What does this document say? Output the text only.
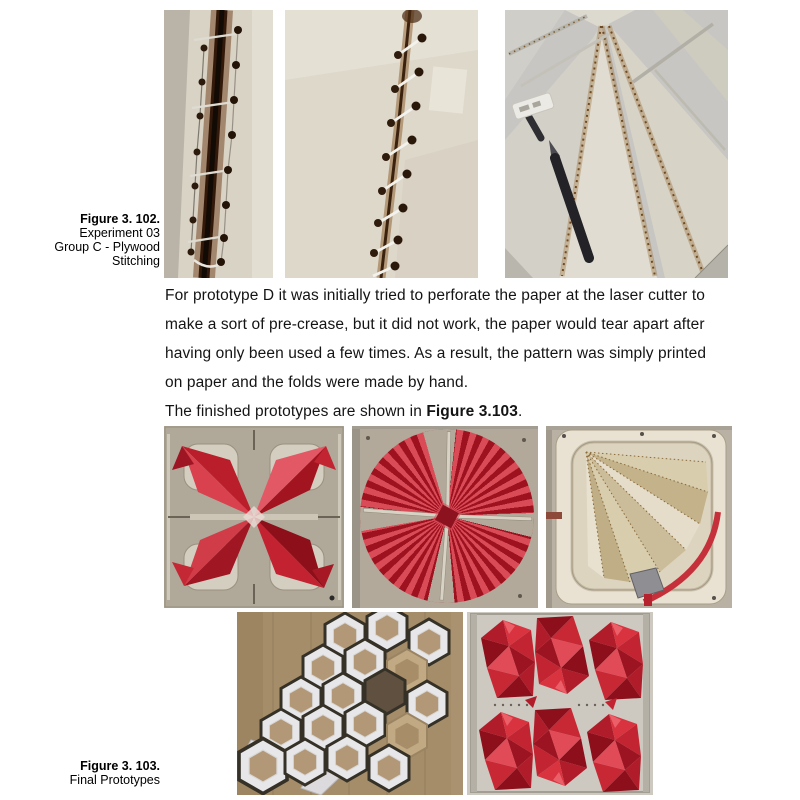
Figure 3. 102.
Experiment 03
Group C - Plywood
Stitching
For prototype D it was initially tried to perforate the paper at the laser cutter to
make a sort of pre-crease, but it did not work, the paper would tear apart after
having only been used a few times. As a result, the pattern was simply printed
on paper and the folds were made by hand.
The finished prototypes are shown in Figure 3.103.
Figure 3. 103.
Final Prototypes
